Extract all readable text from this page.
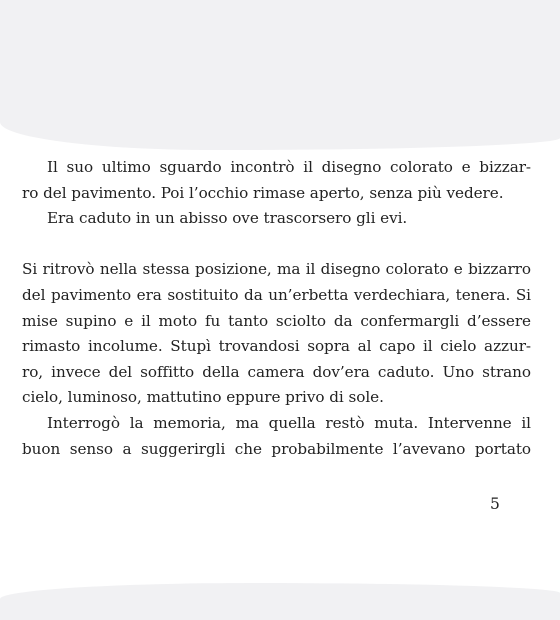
Il suo ultimo sguardo incontrò il disegno colorato e bizzar-
ro del pavimento. Poi l’occhio rimase aperto, senza più vedere.
Era caduto in un abisso ove trascorsero gli evi.
Si ritrovò nella stessa posizione, ma il disegno colorato e bizzarro
del pavimento era sostituito da un’erbetta verdechiara, tenera. Si
mise supino e il moto fu tanto sciolto da confermargli d’essere
rimasto incolume. Stupì trovandosi sopra al capo il cielo azzur-
ro, invece del soffitto della camera dov’era caduto. Uno strano
cielo, luminoso, mattutino eppure privo di sole.
Interrogò la memoria, ma quella restò muta. Intervenne il
buon senso a suggerirgli che probabilmente l’avevano portato
5
